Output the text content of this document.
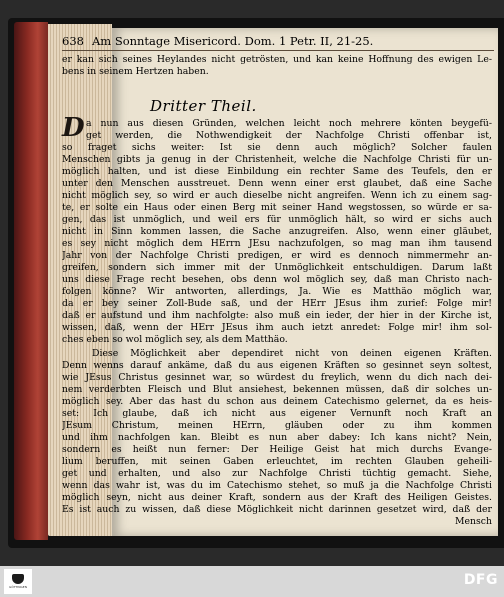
638 Am Sonntage Misericord. Dom. 1 Petr. II, 21-25.
er kan sich seines Heylandes nicht getrösten, und kan keine Hoffnung des ewigen Le-
bens in seinem Hertzen haben.
Dritter Theil.
D a nun aus diesen Gründen, welchen leicht noch mehrere könten beygefü-
get werden, die Nothwendigkeit der Nachfolge Christi offenbar ist,
so fraget sichs weiter: Ist sie denn auch möglich? Solcher faulen
Menschen gibts ja genug in der Christenheit, welche die Nachfolge Christi für un-
möglich halten, und ist diese Einbildung ein rechter Same des Teufels, den er
unter den Menschen ausstreuet. Denn wenn einer erst glaubet, daß eine Sache
nicht möglich sey, so wird er auch dieselbe nicht angreifen. Wenn ich zu einem sag-
te, er solte ein Haus oder einen Berg mit seiner Hand wegstossen, so würde er sa-
gen, das ist unmöglich, und weil ers für unmöglich hält, so wird er sichs auch
nicht in Sinn kommen lassen, die Sache anzugreifen. Also, wenn einer gläubet,
es sey nicht möglich dem HErrn JEsu nachzufolgen, so mag man ihm tausend
Jahr von der Nachfolge Christi predigen, er wird es dennoch nimmermehr an-
greifen, sondern sich immer mit der Unmöglichkeit entschuldigen. Darum laßt
uns diese Frage recht besehen, obs denn wol möglich sey, daß man Christo nach-
folgen könne? Wir antworten, allerdings, Ja. Wie es Matthäo möglich war,
da er bey seiner Zoll-Bude saß, und der HErr JEsus ihm zurief: Folge mir!
daß er aufstund und ihm nachfolgte: also muß ein ieder, der hier in der Kirche ist,
wissen, daß, wenn der HErr JEsus ihm auch ietzt anredet: Folge mir! ihm sol-
ches eben so wol möglich sey, als dem Matthäo.
Diese Möglichkeit aber dependiret nicht von deinen eigenen Kräften.
Denn wenns darauf ankäme, daß du aus eigenen Kräften so gesinnet seyn soltest,
wie JEsus Christus gesinnet war, so würdest du freylich, wenn du dich nach dei-
nem verderbten Fleisch und Blut ansiehest, bekennen müssen, daß dir solches un-
möglich sey. Aber das hast du schon aus deinem Catechismo gelernet, da es heis-
set: Ich glaube, daß ich nicht aus eigener Vernunft noch Kraft an
JEsum Christum, meinen HErrn, gläuben oder zu ihm kommen
und ihm nachfolgen kan. Bleibt es nun aber dabey: Ich kans nicht? Nein,
sondern es heißt nun ferner: Der Heilige Geist hat mich durchs Evange-
lium beruffen, mit seinen Gaben erleuchtet, im rechten Glauben geheili-
get und erhalten, und also zur Nachfolge Christi tüchtig gemacht. Siehe,
wenn das wahr ist, was du im Catechismo stehet, so muß ja die Nachfolge Christi
möglich seyn, nicht aus deiner Kraft, sondern aus der Kraft des Heiligen Geistes.
Es ist auch zu wissen, daß diese Möglichkeit nicht darinnen gesetzet wird, daß der
Mensch
GÖTTINGEN	DFG
